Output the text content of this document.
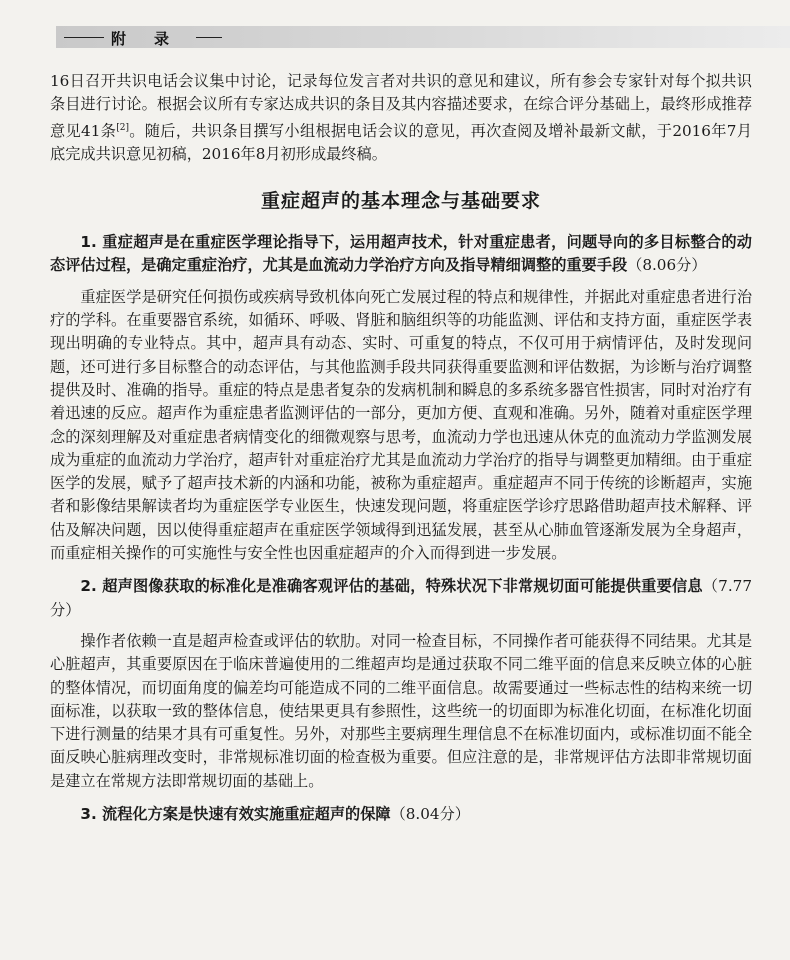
附录

16日召开共识电话会议集中讨论，记录每位发言者对共识的意见和建议，所有参会专家针对每个拟共识条目进行讨论。根据会议所有专家达成共识的条目及其内容描述要求，在综合评分基础上，最终形成推荐意见41条[2]。随后，共识条目撰写小组根据电话会议的意见，再次查阅及增补最新文献，于2016年7月底完成共识意见初稿，2016年8月初形成最终稿。

重症超声的基本理念与基础要求

1. 重症超声是在重症医学理论指导下，运用超声技术，针对重症患者，问题导向的多目标整合的动态评估过程，是确定重症治疗，尤其是血流动力学治疗方向及指导精细调整的重要手段（8.06分）

重症医学是研究任何损伤或疾病导致机体向死亡发展过程的特点和规律性，并据此对重症患者进行治疗的学科。在重要器官系统，如循环、呼吸、肾脏和脑组织等的功能监测、评估和支持方面，重症医学表现出明确的专业特点。其中，超声具有动态、实时、可重复的特点，不仅可用于病情评估，及时发现问题，还可进行多目标整合的动态评估，与其他监测手段共同获得重要监测和评估数据，为诊断与治疗调整提供及时、准确的指导。重症的特点是患者复杂的发病机制和瞬息的多系统多器官性损害，同时对治疗有着迅速的反应。超声作为重症患者监测评估的一部分，更加方便、直观和准确。另外，随着对重症医学理念的深刻理解及对重症患者病情变化的细微观察与思考，血流动力学也迅速从休克的血流动力学监测发展成为重症的血流动力学治疗，超声针对重症治疗尤其是血流动力学治疗的指导与调整更加精细。由于重症医学的发展，赋予了超声技术新的内涵和功能，被称为重症超声。重症超声不同于传统的诊断超声，实施者和影像结果解读者均为重症医学专业医生，快速发现问题，将重症医学诊疗思路借助超声技术解释、评估及解决问题，因以使得重症超声在重症医学领域得到迅猛发展，甚至从心肺血管逐渐发展为全身超声，而重症相关操作的可实施性与安全性也因重症超声的介入而得到进一步发展。

2. 超声图像获取的标准化是准确客观评估的基础，特殊状况下非常规切面可能提供重要信息（7.77分）

操作者依赖一直是超声检查或评估的软肋。对同一检查目标，不同操作者可能获得不同结果。尤其是心脏超声，其重要原因在于临床普遍使用的二维超声均是通过获取不同二维平面的信息来反映立体的心脏的整体情况，而切面角度的偏差均可能造成不同的二维平面信息。故需要通过一些标志性的结构来统一切面标准，以获取一致的整体信息，使结果更具有参照性，这些统一的切面即为标准化切面，在标准化切面下进行测量的结果才具有可重复性。另外，对那些主要病理生理信息不在标准切面内，或标准切面不能全面反映心脏病理改变时，非常规标准切面的检查极为重要。但应注意的是，非常规评估方法即非常规切面是建立在常规方法即常规切面的基础上。

3. 流程化方案是快速有效实施重症超声的保障（8.04分）
